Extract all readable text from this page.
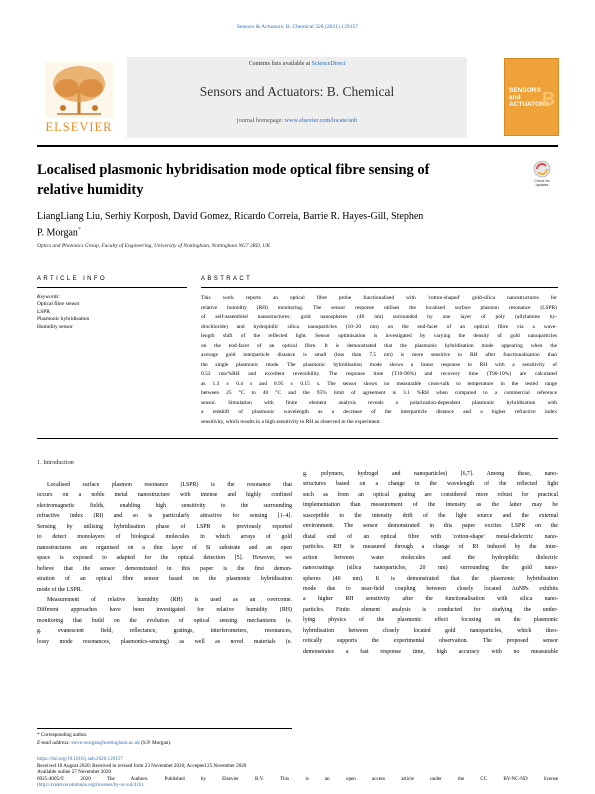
Sensors & Actuators: B. Chemical 328 (2021) 129157
Contents lists available at ScienceDirect
Sensors and Actuators: B. Chemical
journal homepage: www.elsevier.com/locate/snb
ELSEVIER
SENSORS
and
ACTUATORS
B
Localised plasmonic hybridisation mode optical fibre sensing of
relative humidity
Check for
updates
LiangLiang Liu, Serhiy Korposh, David Gomez, Ricardo Correia, Barrie R. Hayes-Gill, Stephen
P. Morgan*
Optics and Photonics Group, Faculty of Engineering, University of Nottingham, Nottingham NG7 2RD, UK
ARTICLE INFO	ABSTRACT
Keywords:
Optical fibre sensor
LSPR
Plasmonic hybridisation
Humidity sensor
This work reports an optical fibre probe functionalised with 'cotton-shaped' gold-silica nanostructures for
relative humidity (RH) monitoring. The sensor response utilises the localised surface plasmon resonance (LSPR)
of self-assembled nanostructures: gold nanospheres (40 nm) surrounded by one layer of poly (allylamine hy-
drochloride) and hydrophilic silica nanoparticles (10–20 nm) on the end-facet of an optical fibre via a wave-
length shift of the reflected light. Sensor optimisation is investigated by varying the density of gold nanoparticles
on the end-facet of an optical fibre. It is demonstrated that the plasmonic hybridisation mode appearing when the
average gold interparticle distance is small (less than 7.5 nm) is more sensitive to RH after functionalisation than
the single plasmonic mode. The plasmonic hybridisation mode shows a linear response to RH with a sensitivity of
0.53 nm/%RH and excellent reversibility. The response time (T10-90%) and recovery time (T90-10%) are calculated
as 1.3 ± 0.4 s and 0.95 ± 0.15 s. The sensor shows no measurable cross-talk to temperature in the tested range
between 25 °C to 40 °C and the 95% limit of agreement is 3.1 %RH when compared to a commercial reference
sensor. Simulation with finite element analysis reveals a polarization-dependent plasmonic hybridisation with
a redshift of plasmonic wavelength as a decrease of the interparticle distance and a higher refractive index
sensitivity, which results in a high sensitivity to RH as observed in the experiment.
1. Introduction
Localised surface plasmon resonance (LSPR) is the resonance that
occurs on a noble metal nanostructure with intense and highly confined
electromagnetic fields, enabling high sensitivity to the surrounding
refractive index (RI) and so is particularly attractive for sensing [1–4].
Sensing by utilising hybridisation phase of LSPR is previously reported
to detect monolayers of biological molecules in which arrays of gold
nanostructures are organised on a thin layer of Si substrate and an open
space is exposed to adapted for the optical detection [5]. However, we
believe that the sensor demonstrated in this paper is the first demon-
stration of an optical fibre sensor based on the plasmonic hybridisation
mode of the LSPR.
Measurement of relative humidity (RH) is used as an overcome.
Different approaches have been investigated for relative humidity (RH)
monitoring that build on the evolution of optical sensing mechanisms (e.
g. evanescent field, reflectance, gratings, interferometers, resonances,
lossy mode resonances, plasmonics-sensing) as well as novel materials (e.
g. polymers, hydrogel and nanoparticles) [6,7]. Among these, nano-
structures based on a change in the wavelength of the reflected light
such as from an optical grating are considered more robust for practical
implementation than measurement of the intensity as the latter may be
susceptible to the intensity drift of the light source and the external
environment. The sensor demonstrated in this paper excites LSPR on the
distal end of an optical fibre with 'cotton-shape' metal-dielectric nano-
particles. RH is measured through a change of RI induced by the inter-
action between water molecules and the hydrophilic dielectric
nanocoatings (silica nanoparticles, 20 nm) surrounding the gold nano-
spheres (40 nm). It is demonstrated that the plasmonic hybridisation
mode due to near-field coupling between closely located AuNPs exhibits
a higher RH sensitivity after the functionalisation with silica nano-
particles. Finite element analysis is conducted for studying the under-
lying physics of the plasmonic effect focusing on the plasmonic
hybridisation between closely located gold nanoparticles, which theo-
retically supports the experimental observation. The proposed sensor
demonstrates a fast response time, high accuracy with no measurable
* Corresponding author.
E-mail address: steve.morgan@nottingham.ac.uk (S.P. Morgan).
https://doi.org/10.1016/j.snb.2020.129157
Received 18 August 2020; Received in revised form 23 November 2020; Accepted 25 November 2020
Available online 27 November 2020
0925-4005/© 2020 The Authors. Published by Elsevier B.V. This is an open access article under the CC BY-NC-ND license
(http://creativecommons.org/licenses/by-nc-nd/4.0/).
